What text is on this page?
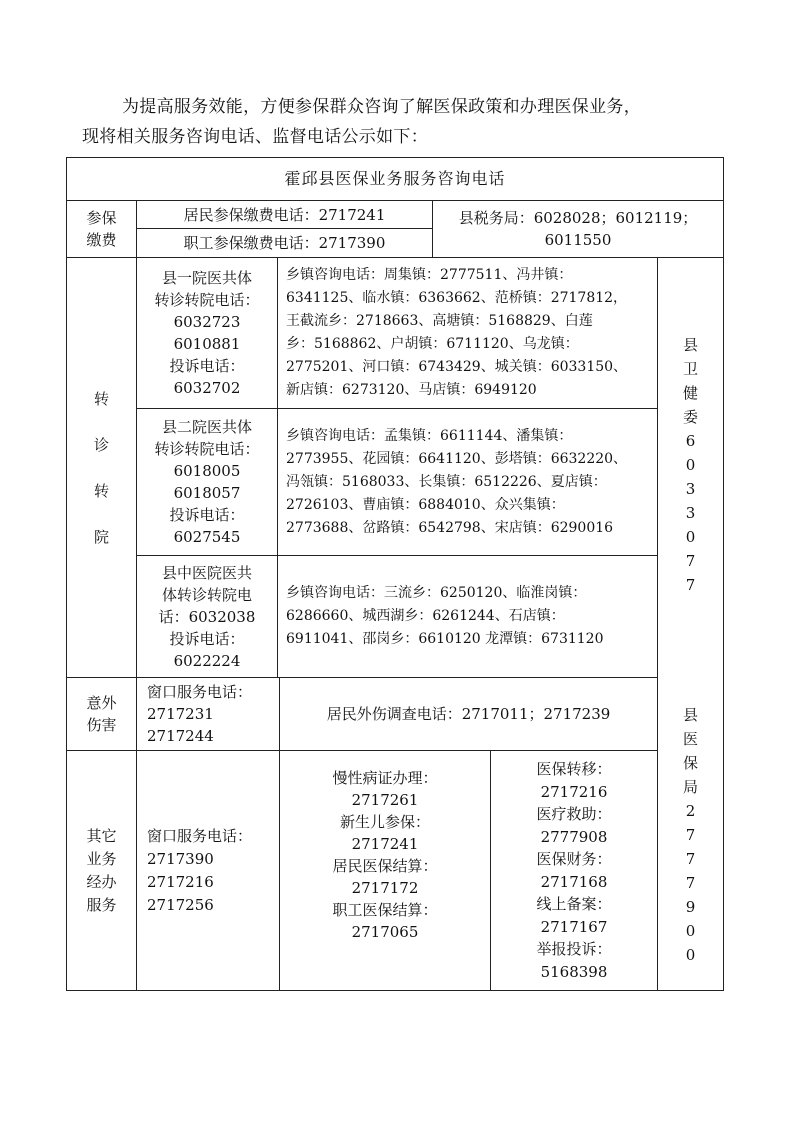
为提高服务效能，方便参保群众咨询了解医保政策和办理医保业务，

现将相关服务咨询电话、监督电话公示如下：

霍邱县医保业务服务咨询电话
参保
缴费
居民参保缴费电话：2717241
职工参保缴费电话：2717390
县税务局：6028028；6012119；
6011550
转
诊
转
院
县一院医共体
转诊转院电话：
6032723
6010881
投诉电话：
6032702
乡镇咨询电话：周集镇：2777511、冯井镇：
6341125、临水镇：6363662、范桥镇：2717812，
王截流乡：2718663、高塘镇：5168829、白莲
乡：5168862、户胡镇：6711120、乌龙镇：
2775201、河口镇：6743429、城关镇：6033150、
新店镇：6273120、马店镇：6949120
县二院医共体
转诊转院电话：
6018005
6018057
投诉电话：
6027545
乡镇咨询电话：孟集镇：6611144、潘集镇：
2773955、花园镇：6641120、彭塔镇：6632220、
冯瓴镇：5168033、长集镇：6512226、夏店镇：
2726103、曹庙镇：6884010、众兴集镇：
2773688、岔路镇：6542798、宋店镇：6290016
县中医院医共
体转诊转院电
话：6032038
投诉电话：
6022224
乡镇咨询电话：三流乡：6250120、临淮岗镇：
6286660、城西湖乡：6261244、石店镇：
6911041、邵岗乡：6610120 龙潭镇：6731120
县
卫
健
委
6
0
3
3
0
7
7
意外
伤害
窗口服务电话：
2717231
2717244
居民外伤调查电话：2717011；2717239
其它
业务
经办
服务
窗口服务电话：
2717390
2717216
2717256
慢性病证办理：
2717261
新生儿参保：
2717241
居民医保结算：
2717172
职工医保结算：
2717065
医保转移：
2717216
医疗救助：
2777908
医保财务：
2717168
线上备案：
2717167
举报投诉：
5168398
县
医
保
局
2
7
7
7
9
0
0
